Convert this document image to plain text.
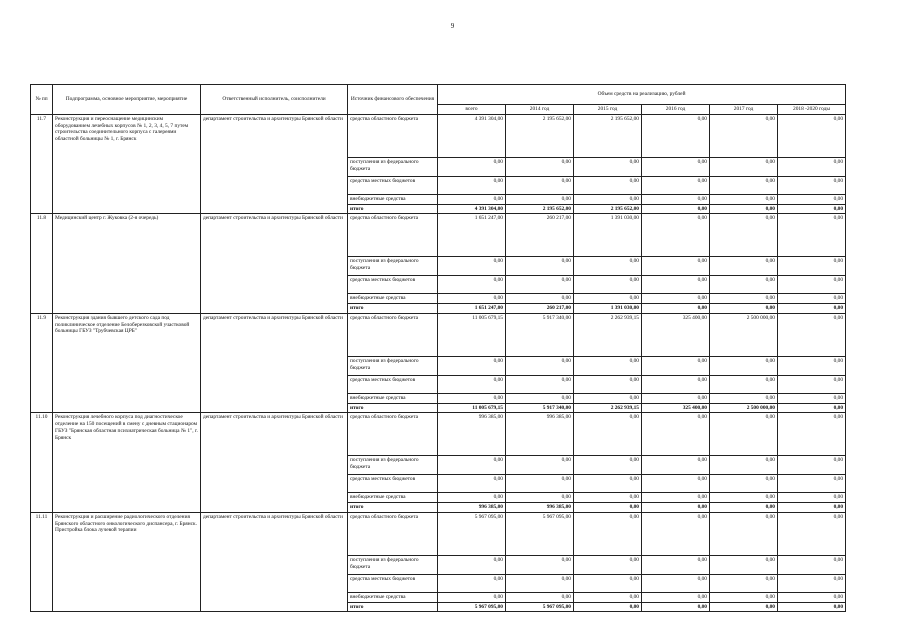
9
№ пп	Подпрограмма, основное мероприятие, мероприятие	Ответственный исполнитель, соисполнители	Источник финансового обеспечения	Объем средств на реализацию, рублей					
				всего	2014 год	2015 год	2016 год	2017 год	2018 -2020 годы
11.7	Реконструкция и переоснащение медицинским оборудованием лечебных корпусов № 1, 2, 3, 4, 5, 7 путем строительства соединительного корпуса с галереями областной больницы № 1, г. Брянск	департамент строительства и архитектуры Брянской области	средства областного бюджета	4 391 304,00	2 195 652,00	2 195 652,00	0,00	0,00	0,00
			поступления из федерального бюджета	0,00	0,00	0,00	0,00	0,00	0,00
			средства местных бюджетов	0,00	0,00	0,00	0,00	0,00	0,00
			внебюджетные средства	0,00	0,00	0,00	0,00	0,00	0,00
			итого	4 391 304,00	2 195 652,00	2 195 652,00	0,00	0,00	0,00
11.8	Медицинский центр г. Жуковка (2-я очередь)	департамент строительства и архитектуры Брянской области	средства областного бюджета	1 651 247,00	260 217,00	1 391 030,00	0,00	0,00	0,00
			поступления из федерального бюджета	0,00	0,00	0,00	0,00	0,00	0,00
			средства местных бюджетов	0,00	0,00	0,00	0,00	0,00	0,00
			внебюджетные средства	0,00	0,00	0,00	0,00	0,00	0,00
			итого	1 651 247,00	260 217,00	1 391 030,00	0,00	0,00	0,00
11.9	Реконструкция здания бывшего детского сада под поликлиническое отделение Белоберезковской участковой больницы ГБУЗ "Трубчевская ЦРБ"	департамент строительства и архитектуры Брянской области	средства областного бюджета	11 005 679,15	5 917 340,00	2 262 939,15	325 400,00	2 500 000,00	0,00
			поступления из федерального бюджета	0,00	0,00	0,00	0,00	0,00	0,00
			средства местных бюджетов	0,00	0,00	0,00	0,00	0,00	0,00
			внебюджетные средства	0,00	0,00	0,00	0,00	0,00	0,00
			итого	11 005 679,15	5 917 340,00	2 262 939,15	325 400,00	2 500 000,00	0,00
11.10	Реконструкция лечебного корпуса под диагностическое отделение на 150 посещений в смену с дневным стационаром ГБУЗ "Брянская областная психиатрическая больница № 1", г. Брянск	департамент строительства и архитектуры Брянской области	средства областного бюджета	996 385,00	996 385,00	0,00	0,00	0,00	0,00
			поступления из федерального бюджета	0,00	0,00	0,00	0,00	0,00	0,00
			средства местных бюджетов	0,00	0,00	0,00	0,00	0,00	0,00
			внебюджетные средства	0,00	0,00	0,00	0,00	0,00	0,00
			итого	996 385,00	996 385,00	0,00	0,00	0,00	0,00
11.11	Реконструкция и расширение радиологического отделения Брянского областного онкологического диспансера, г. Брянск. Пристройка блока лучевой терапии	департамент строительства и архитектуры Брянской области	средства областного бюджета	5 967 095,00	5 967 095,00	0,00	0,00	0,00	0,00
			поступления из федерального бюджета	0,00	0,00	0,00	0,00	0,00	0,00
			средства местных бюджетов	0,00	0,00	0,00	0,00	0,00	0,00
			внебюджетные средства	0,00	0,00	0,00	0,00	0,00	0,00
			итого	5 967 095,00	5 967 095,00	0,00	0,00	0,00	0,00
